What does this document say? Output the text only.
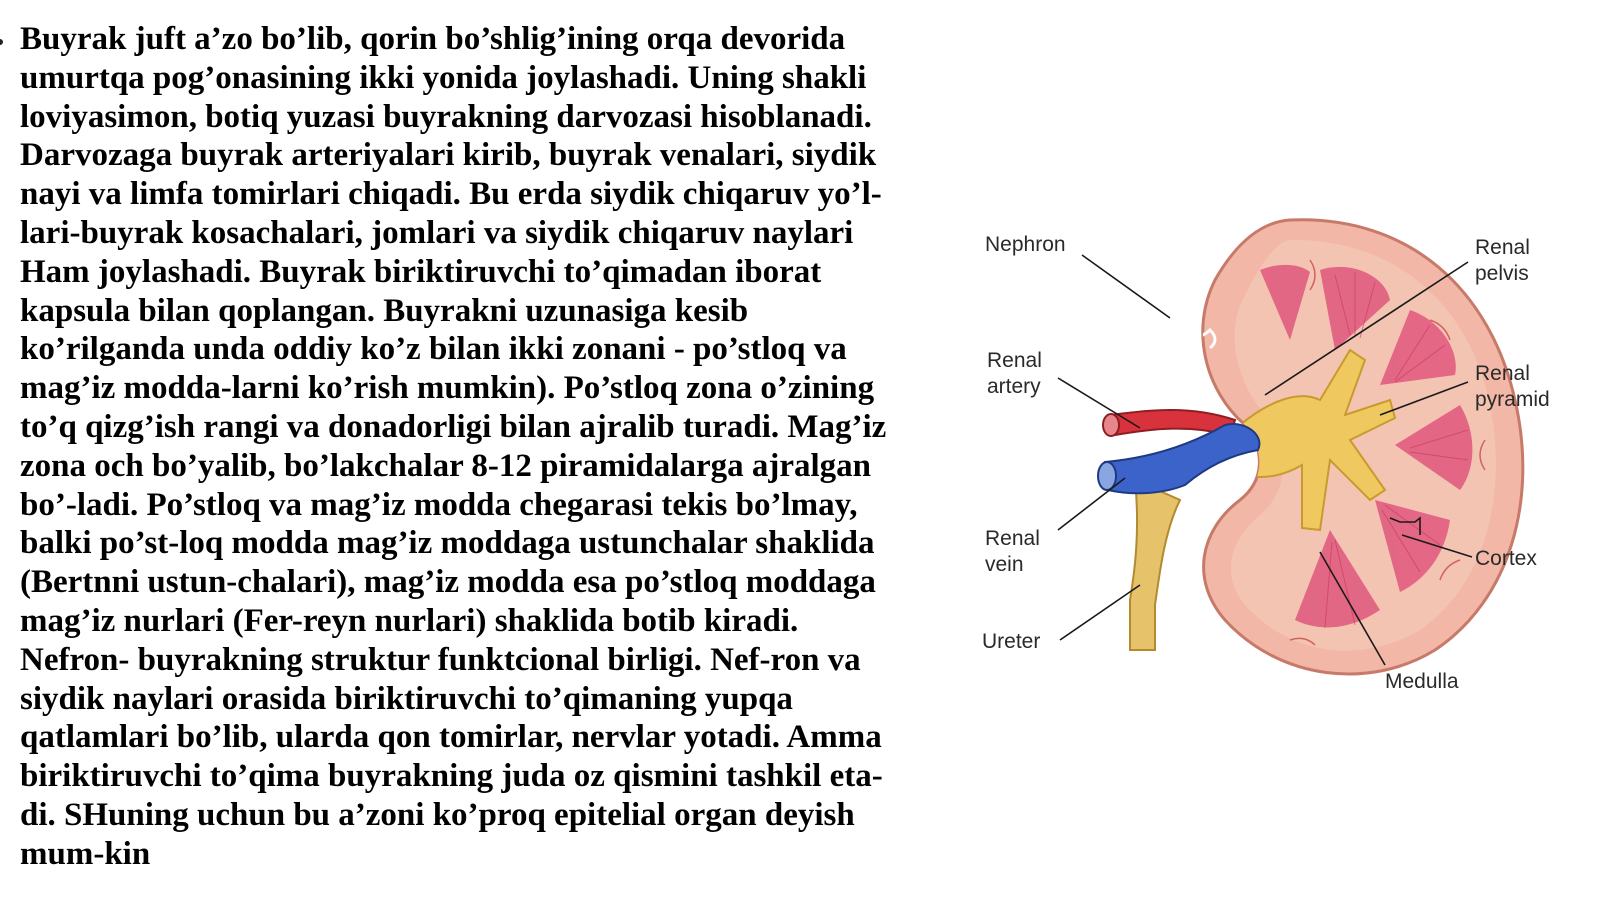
Buyrak juft a’zo bo’lib, qorin bo’shlig’ining orqa devorida
umurtqa pog’onasining ikki yonida joylashadi. Uning shakli
loviyasimon, botiq yuzasi buyrakning darvozasi hisoblanadi.
Darvozaga buyrak arteriyalari kirib, buyrak venalari, siydik
nayi va limfa tomirlari chiqadi. Bu erda siydik chiqaruv yo’l-
lari-buyrak kosachalari, jomlari va siydik chiqaruv naylari
Ham joylashadi. Buyrak biriktiruvchi to’qimadan iborat
kapsula bilan qoplangan. Buyrakni uzunasiga kesib
ko’rilganda unda oddiy ko’z bilan ikki zonani - po’stloq va
mag’iz modda-larni ko’rish mumkin). Po’stloq zona o’zining
to’q qizg’ish rangi va donadorligi bilan ajralib turadi. Mag’iz
zona och bo’yalib, bo’lakchalar 8-12 piramidalarga ajralgan
bo’-ladi. Po’stloq va mag’iz modda chegarasi tekis bo’lmay,
balki po’st-loq modda mag’iz moddaga ustunchalar shaklida
(Bertnni ustun-chalari), mag’iz modda esa po’stloq moddaga
mag’iz nurlari (Fer-reyn nurlari) shaklida botib kiradi.
Nefron- buyrakning struktur funktcional birligi. Nef-ron va
siydik naylari orasida biriktiruvchi to’qimaning yupqa
qatlamlari bo’lib, ularda qon tomirlar, nervlar yotadi. Amma
biriktiruvchi to’qima buyrakning juda oz qismini tashkil eta-
di. SHuning uchun bu a’zoni ko’proq epitelial organ deyish
mum-kin
Nephron
Renal
artery
Renal
vein
Ureter
Renal
pelvis
Renal
pyramid
Cortex
Medulla
